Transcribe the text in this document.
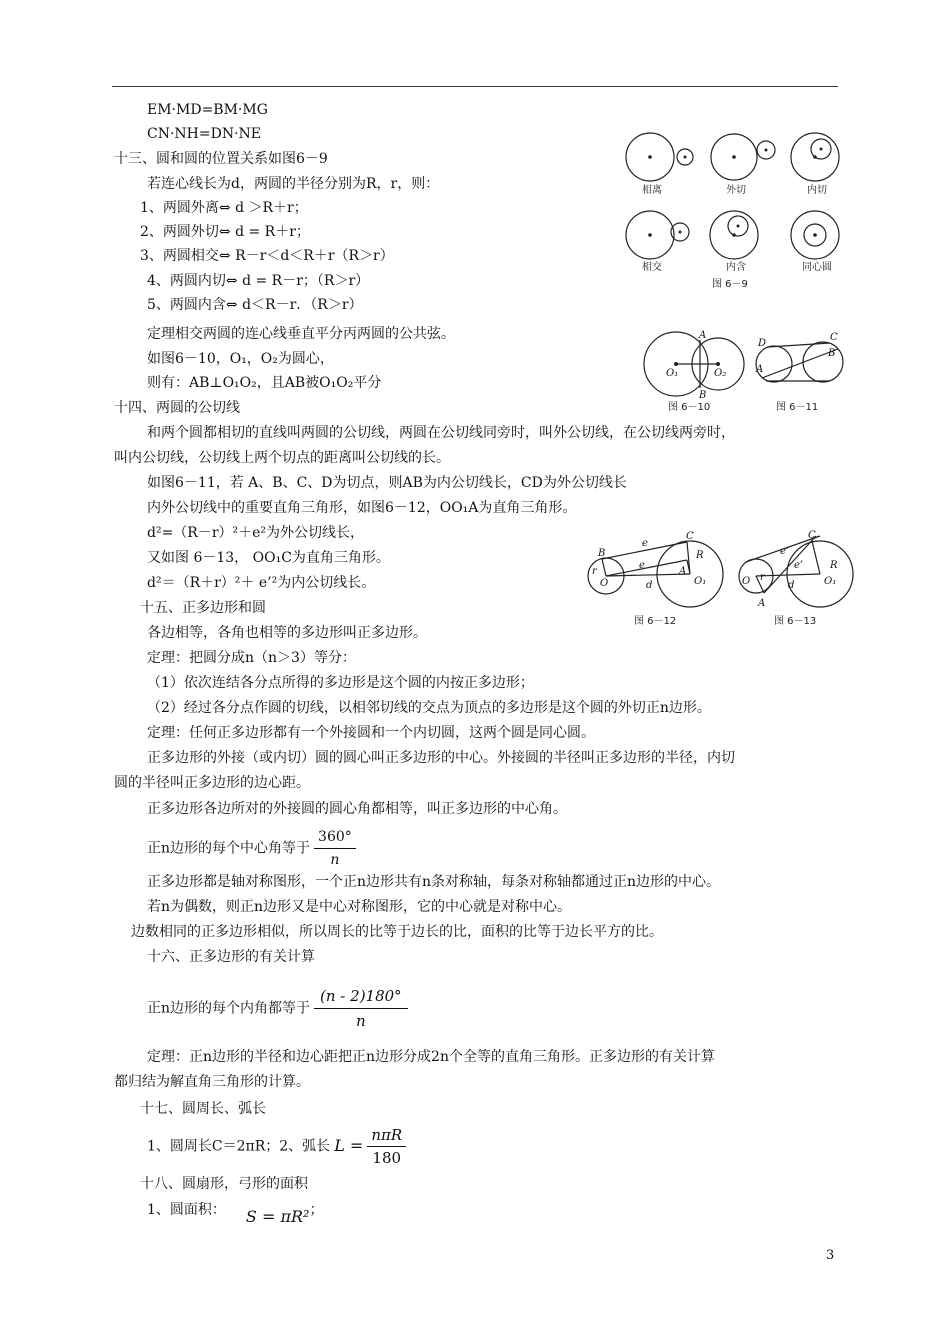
EM·MD=BM·MG
CN·NH=DN·NE
十三、圆和圆的位置关系如图6－9
若连心线长为d，两圆的半径分别为R，r，则：
1、两圆外离⇔ d ＞R＋r；
2、两圆外切⇔ d = R＋r；
3、两圆相交⇔ R－r＜d＜R＋r（R＞r）
4、两圆内切⇔ d = R－r；（R＞r）
5、两圆内含⇔ d＜R－r．（R＞r）
定理相交两圆的连心线垂直平分丙两圆的公共弦。
如图6－10，O₁，O₂为圆心，
则有：AB⊥O₁O₂，且AB被O₁O₂平分
十四、两圆的公切线
和两个圆都相切的直线叫两圆的公切线，两圆在公切线同旁时，叫外公切线，在公切线两旁时，
叫内公切线，公切线上两个切点的距离叫公切线的长。
如图6－11，若 A、B、C、D为切点，则AB为内公切线长，CD为外公切线长
内外公切线中的重要直角三角形，如图6－12，OO₁A为直角三角形。
d²=（R－r）²＋e²为外公切线长，
又如图 6－13， OO₁C为直角三角形。
d²＝（R＋r）²＋ e’²为内公切线长。
十五、正多边形和圆
各边相等，各角也相等的多边形叫正多边形。
定理：把圆分成n（n＞3）等分：
（1）依次连结各分点所得的多边形是这个圆的内按正多边形；
（2）经过各分点作圆的切线，以相邻切线的交点为顶点的多边形是这个圆的外切正n边形。
定理：任何正多边形都有一个外接圆和一个内切圆，这两个圆是同心圆。
正多边形的外接（或内切）圆的圆心叫正多边形的中心。外接圆的半径叫正多边形的半径，内切
圆的半径叫正多边形的边心距。
正多边形各边所对的外接圆的圆心角都相等，叫正多边形的中心角。
正n边形的每个中心角等于 $\frac{360^\circ}{n}$
正多边形都是轴对称图形，一个正n边形共有n条对称轴，每条对称轴都通过正n边形的中心。
若n为偶数，则正n边形又是中心对称图形，它的中心就是对称中心。
边数相同的正多边形相似，所以周长的比等于边长的比，面积的比等于边长平方的比。
十六、正多边形的有关计算
正n边形的每个内角都等于 $\frac{(n - 2)180^\circ}{n}$
定理：正n边形的半径和边心距把正n边形分成2n个全等的直角三角形。正多边形的有关计算
都归结为解直角三角形的计算。
十七、圆周长、弧长
1、圆周长C＝2πR；2、弧长 $L = \frac{\text{nπR}}{180}$
十八、圆扇形，弓形的面积
1、圆面积： S = πR²；
3
相离	外切	内切
相交	内含	同心圆
图 6－9
A
B
O₁	O₂
图 6－10
D
C
B
A
图 6－11
B
C
e
R
A
r
O	d	O₁
e
图 6－12
C
e’
R
O r
A
d	O₁
e’
图 6－13
